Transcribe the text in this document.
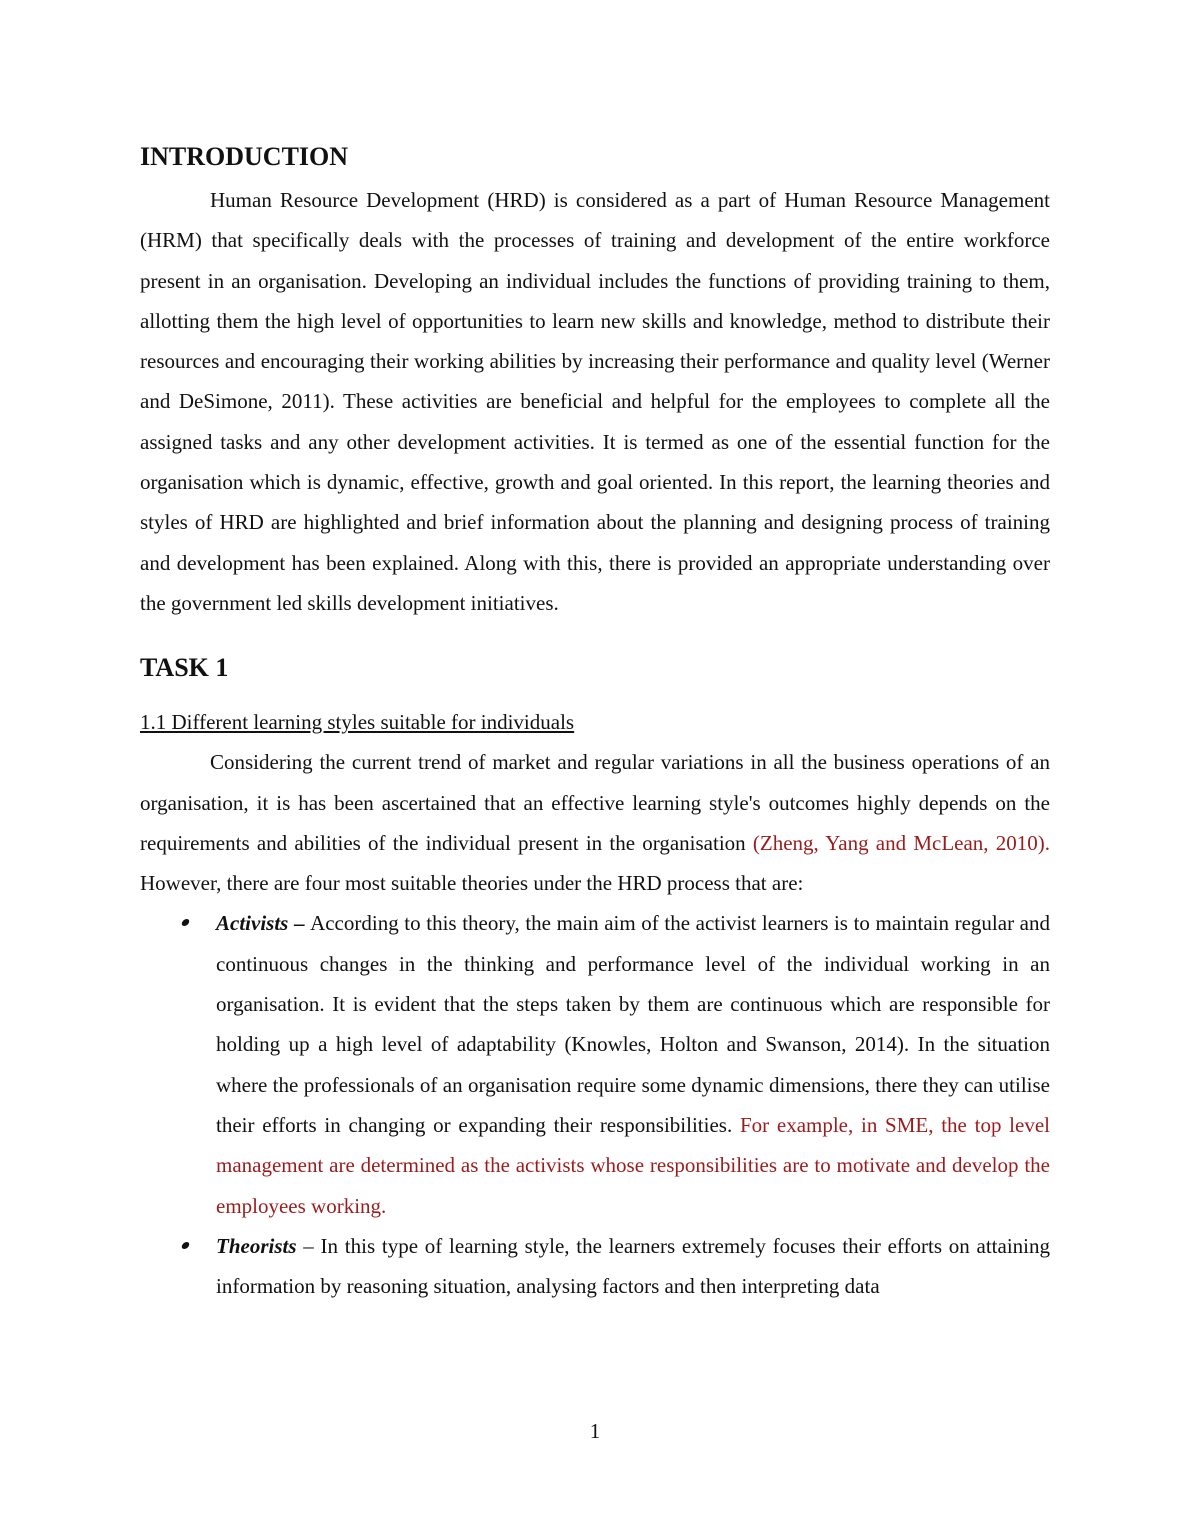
INTRODUCTION

Human Resource Development (HRD) is considered as a part of Human Resource Management (HRM) that specifically deals with the processes of training and development of the entire workforce present in an organisation. Developing an individual includes the functions of providing training to them, allotting them the high level of opportunities to learn new skills and knowledge, method to distribute their resources and encouraging their working abilities by increasing their performance and quality level (Werner and DeSimone, 2011). These activities are beneficial and helpful for the employees to complete all the assigned tasks and any other development activities. It is termed as one of the essential function for the organisation which is dynamic, effective, growth and goal oriented. In this report, the learning theories and styles of HRD are highlighted and brief information about the planning and designing process of training and development has been explained. Along with this, there is provided an appropriate understanding over the government led skills development initiatives.

TASK 1

1.1 Different learning styles suitable for individuals

Considering the current trend of market and regular variations in all the business operations of an organisation, it is has been ascertained that an effective learning style's outcomes highly depends on the requirements and abilities of the individual present in the organisation (Zheng, Yang and McLean, 2010). However, there are four most suitable theories under the HRD process that are:

Activists – According to this theory, the main aim of the activist learners is to maintain regular and continuous changes in the thinking and performance level of the individual working in an organisation. It is evident that the steps taken by them are continuous which are responsible for holding up a high level of adaptability (Knowles, Holton and Swanson, 2014). In the situation where the professionals of an organisation require some dynamic dimensions, there they can utilise their efforts in changing or expanding their responsibilities. For example, in SME, the top level management are determined as the activists whose responsibilities are to motivate and develop the employees working.
Theorists – In this type of learning style, the learners extremely focuses their efforts on attaining information by reasoning situation, analysing factors and then interpreting data
1
